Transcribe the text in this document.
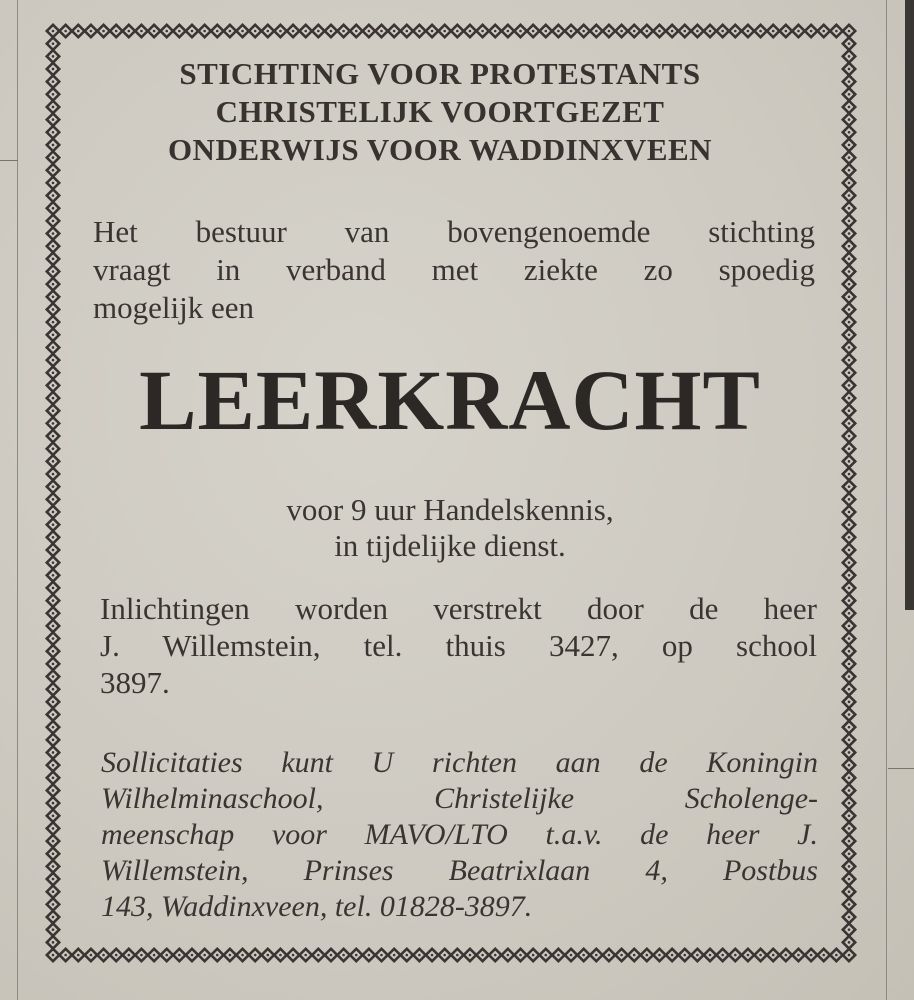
STICHTING VOOR PROTESTANTS
CHRISTELIJK VOORTGEZET
ONDERWIJS VOOR WADDINXVEEN
Het bestuur van bovengenoemde stichting
vraagt in verband met ziekte zo spoedig
mogelijk een
LEERKRACHT
voor 9 uur Handelskennis,
in tijdelijke dienst.
Inlichtingen worden verstrekt door de heer
J. Willemstein, tel. thuis 3427, op school
3897.
Sollicitaties kunt U richten aan de Koningin
Wilhelminaschool, Christelijke Scholenge-
meenschap voor MAVO/LTO t.a.v. de heer J.
Willemstein, Prinses Beatrixlaan 4, Postbus
143, Waddinxveen, tel. 01828-3897.
